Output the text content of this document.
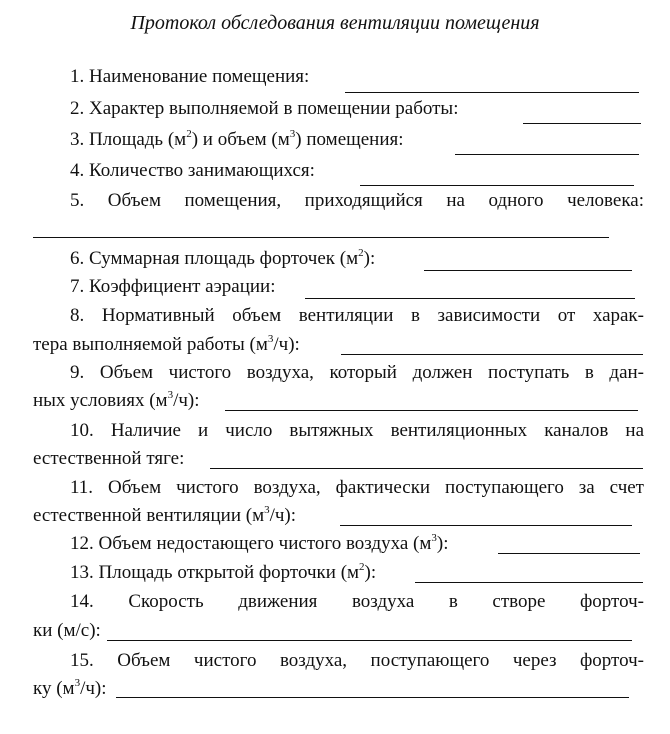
Протокол обследования вентиляции помещения
1. Наименование помещения:
2. Характер выполняемой в помещении работы:
3. Площадь $(м^2)$ и объем $(м^3)$ помещения:
4. Количество занимающихся:
5. Объем помещения, приходящийся на одного человека:
6. Суммарная площадь форточек $(м^2)$:
7. Коэффициент аэрации:
8. Нормативный объем вентиляции в зависимости от харак-
тера выполняемой работы $(м^3/ч)$:
9. Объем чистого воздуха, который должен поступать в дан-
ных условиях $(м^3/ч)$:
10. Наличие и число вытяжных вентиляционных каналов на
естественной тяге:
11. Объем чистого воздуха, фактически поступающего за счет
естественной вентиляции $(м^3/ч)$:
12. Объем недостающего чистого воздуха $(м^3)$:
13. Площадь открытой форточки $(м^2)$:
14. Скорость движения воздуха в створе форточ-
ки (м/с):
15. Объем чистого воздуха, поступающего через форточ-
ку $(м^3/ч)$:
